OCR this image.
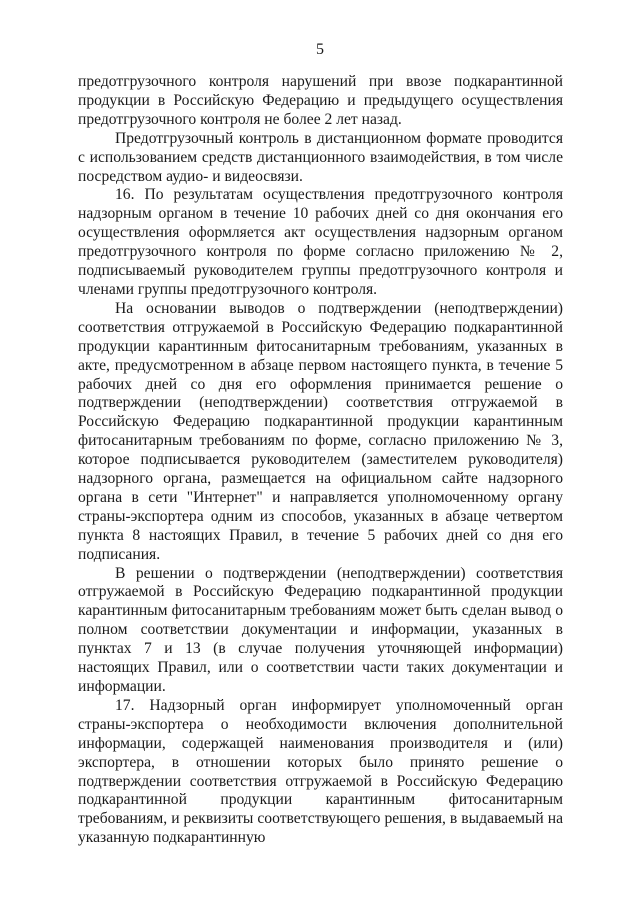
5

предотгрузочного контроля нарушений при ввозе подкарантинной продукции в Российскую Федерацию и предыдущего осуществления предотгрузочного контроля не более 2 лет назад.

Предотгрузочный контроль в дистанционном формате проводится с использованием средств дистанционного взаимодействия, в том числе посредством аудио- и видеосвязи.

16. По результатам осуществления предотгрузочного контроля надзорным органом в течение 10 рабочих дней со дня окончания его осуществления оформляется акт осуществления надзорным органом предотгрузочного контроля по форме согласно приложению № 2, подписываемый руководителем группы предотгрузочного контроля и членами группы предотгрузочного контроля.

На основании выводов о подтверждении (неподтверждении) соответствия отгружаемой в Российскую Федерацию подкарантинной продукции карантинным фитосанитарным требованиям, указанных в акте, предусмотренном в абзаце первом настоящего пункта, в течение 5 рабочих дней со дня его оформления принимается решение о подтверждении (неподтверждении) соответствия отгружаемой в Российскую Федерацию подкарантинной продукции карантинным фитосанитарным требованиям по форме, согласно приложению № 3, которое подписывается руководителем (заместителем руководителя) надзорного органа, размещается на официальном сайте надзорного органа в сети "Интернет" и направляется уполномоченному органу страны-экспортера одним из способов, указанных в абзаце четвертом пункта 8 настоящих Правил, в течение 5 рабочих дней со дня его подписания.

В решении о подтверждении (неподтверждении) соответствия отгружаемой в Российскую Федерацию подкарантинной продукции карантинным фитосанитарным требованиям может быть сделан вывод о полном соответствии документации и информации, указанных в пунктах 7 и 13 (в случае получения уточняющей информации) настоящих Правил, или о соответствии части таких документации и информации.

17. Надзорный орган информирует уполномоченный орган страны-экспортера о необходимости включения дополнительной информации, содержащей наименования производителя и (или) экспортера, в отношении которых было принято решение о подтверждении соответствия отгружаемой в Российскую Федерацию подкарантинной продукции карантинным фитосанитарным требованиям, и реквизиты соответствующего решения, в выдаваемый на указанную подкарантинную
